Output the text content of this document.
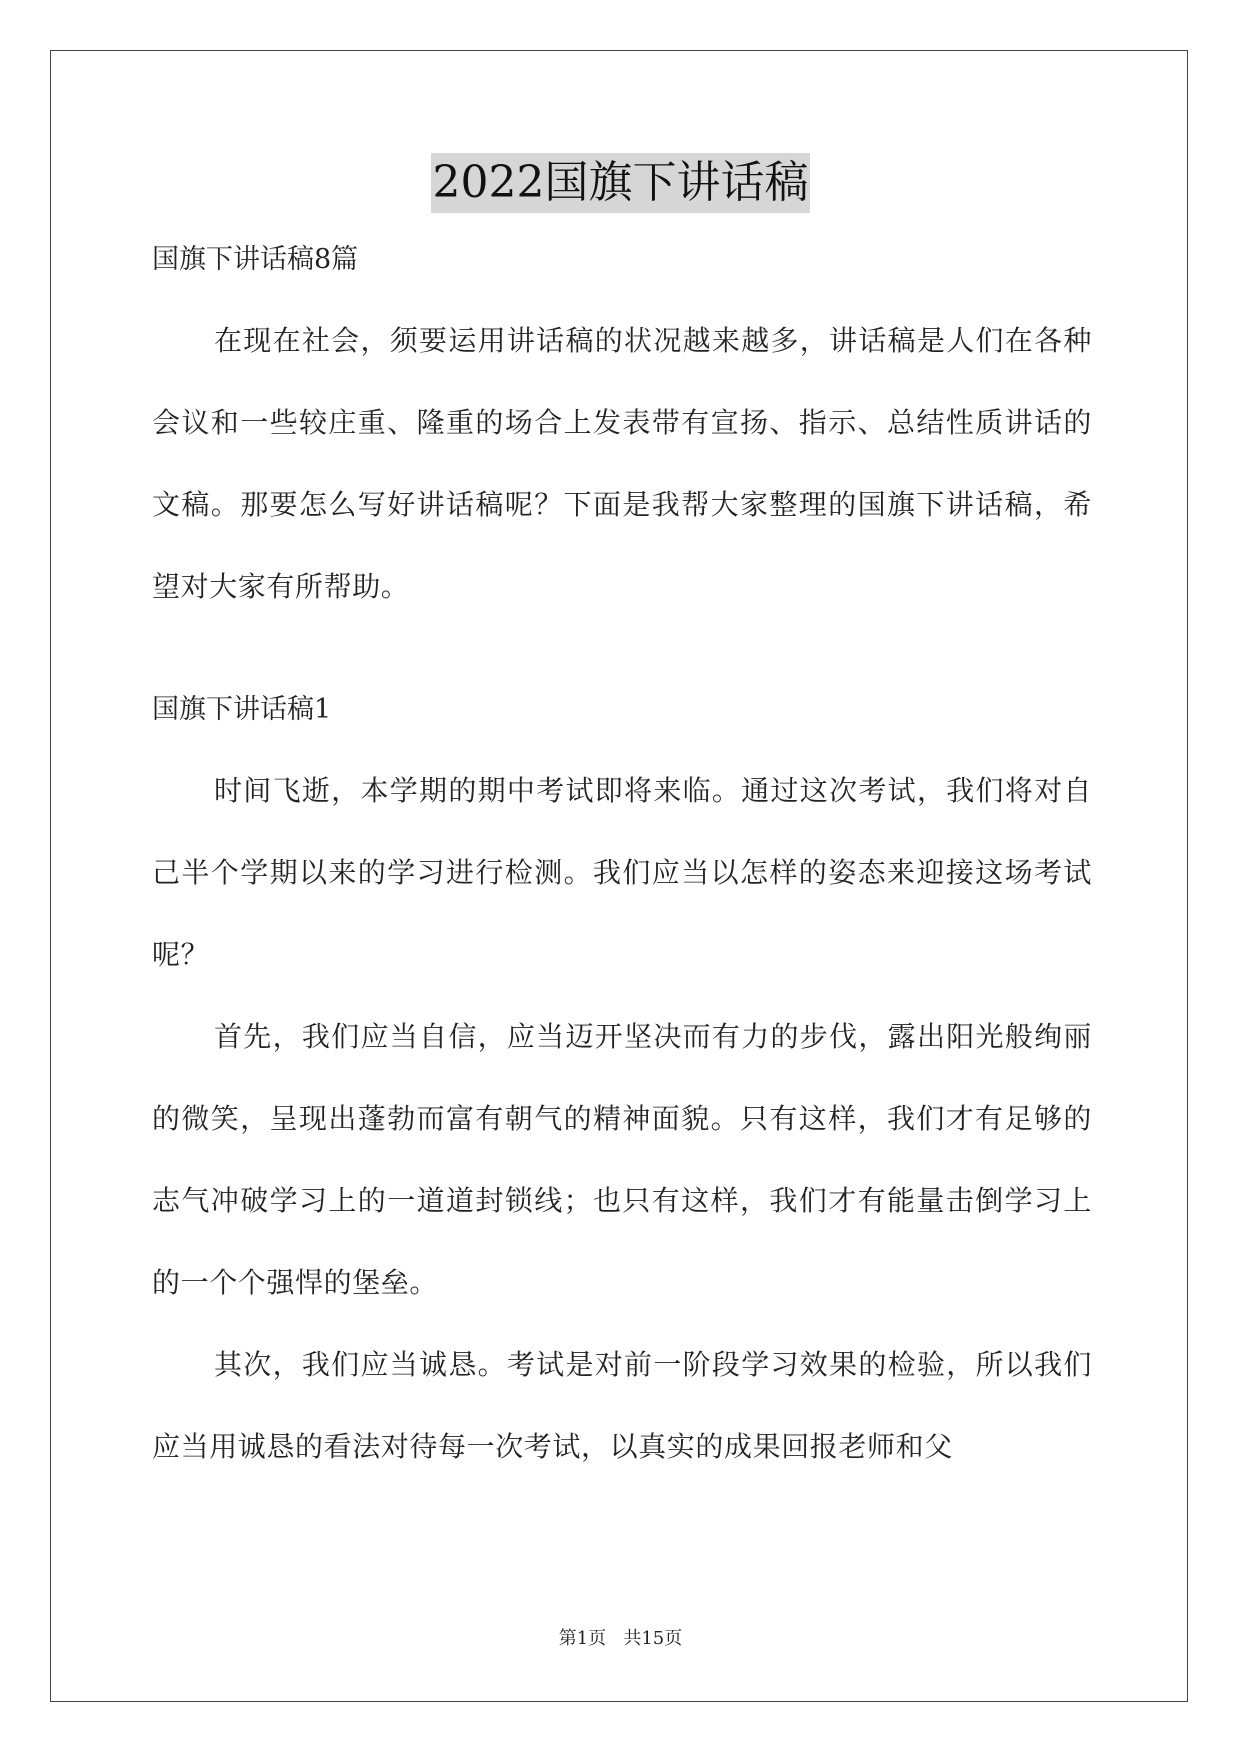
2022国旗下讲话稿

国旗下讲话稿8篇

在现在社会，须要运用讲话稿的状况越来越多，讲话稿是人们在各种会议和一些较庄重、隆重的场合上发表带有宣扬、指示、总结性质讲话的文稿。那要怎么写好讲话稿呢？下面是我帮大家整理的国旗下讲话稿，希望对大家有所帮助。

国旗下讲话稿1

时间飞逝，本学期的期中考试即将来临。通过这次考试，我们将对自己半个学期以来的学习进行检测。我们应当以怎样的姿态来迎接这场考试呢？

首先，我们应当自信，应当迈开坚决而有力的步伐，露出阳光般绚丽的微笑，呈现出蓬勃而富有朝气的精神面貌。只有这样，我们才有足够的志气冲破学习上的一道道封锁线；也只有这样，我们才有能量击倒学习上的一个个强悍的堡垒。

其次，我们应当诚恳。考试是对前一阶段学习效果的检验，所以我们应当用诚恳的看法对待每一次考试，以真实的成果回报老师和父

第1页 共15页
